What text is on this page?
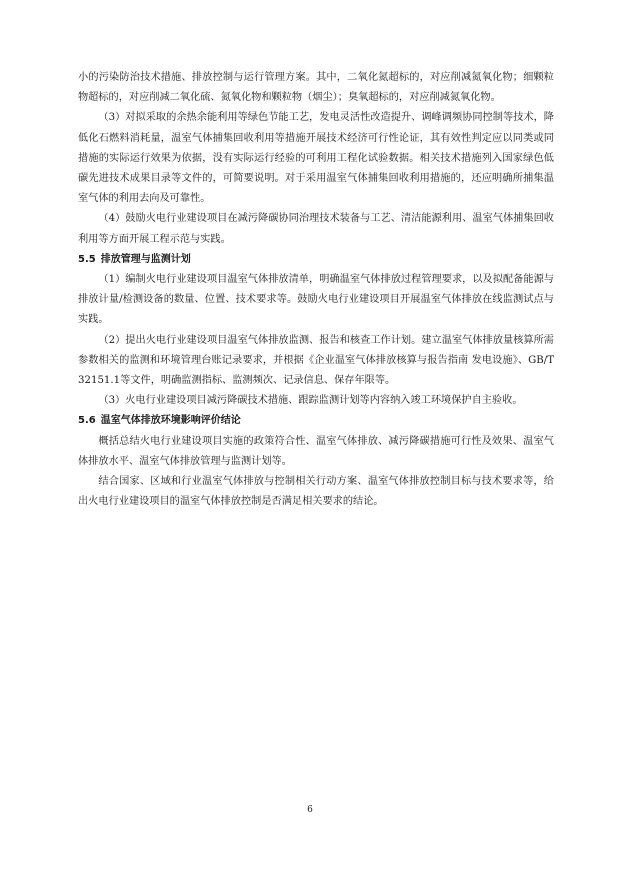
小的污染防治技术措施、排放控制与运行管理方案。其中，二氧化氮超标的，对应削减氮氧化物；细颗粒物超标的，对应削减二氧化硫、氮氧化物和颗粒物（烟尘）；臭氧超标的，对应削减氮氧化物。

（3）对拟采取的余热余能利用等绿色节能工艺，发电灵活性改造提升、调峰调频协同控制等技术，降低化石燃料消耗量，温室气体捕集回收利用等措施开展技术经济可行性论证，其有效性判定应以同类或同措施的实际运行效果为依据，没有实际运行经验的可利用工程化试验数据。相关技术措施列入国家绿色低碳先进技术成果目录等文件的，可简要说明。对于采用温室气体捕集回收利用措施的，还应明确所捕集温室气体的利用去向及可靠性。

（4）鼓励火电行业建设项目在减污降碳协同治理技术装备与工艺、清洁能源利用、温室气体捕集回收利用等方面开展工程示范与实践。

5.5 排放管理与监测计划

（1）编制火电行业建设项目温室气体排放清单，明确温室气体排放过程管理要求，以及拟配备能源与排放计量/检测设备的数量、位置、技术要求等。鼓励火电行业建设项目开展温室气体排放在线监测试点与实践。

（2）提出火电行业建设项目温室气体排放监测、报告和核查工作计划。建立温室气体排放量核算所需参数相关的监测和环境管理台账记录要求，并根据《企业温室气体排放核算与报告指南 发电设施》、GB/T 32151.1等文件，明确监测指标、监测频次、记录信息、保存年限等。

（3）火电行业建设项目减污降碳技术措施、跟踪监测计划等内容纳入竣工环境保护自主验收。

5.6 温室气体排放环境影响评价结论

概括总结火电行业建设项目实施的政策符合性、温室气体排放、减污降碳措施可行性及效果、温室气体排放水平、温室气体排放管理与监测计划等。

结合国家、区域和行业温室气体排放与控制相关行动方案、温室气体排放控制目标与技术要求等，给出火电行业建设项目的温室气体排放控制是否满足相关要求的结论。

6
